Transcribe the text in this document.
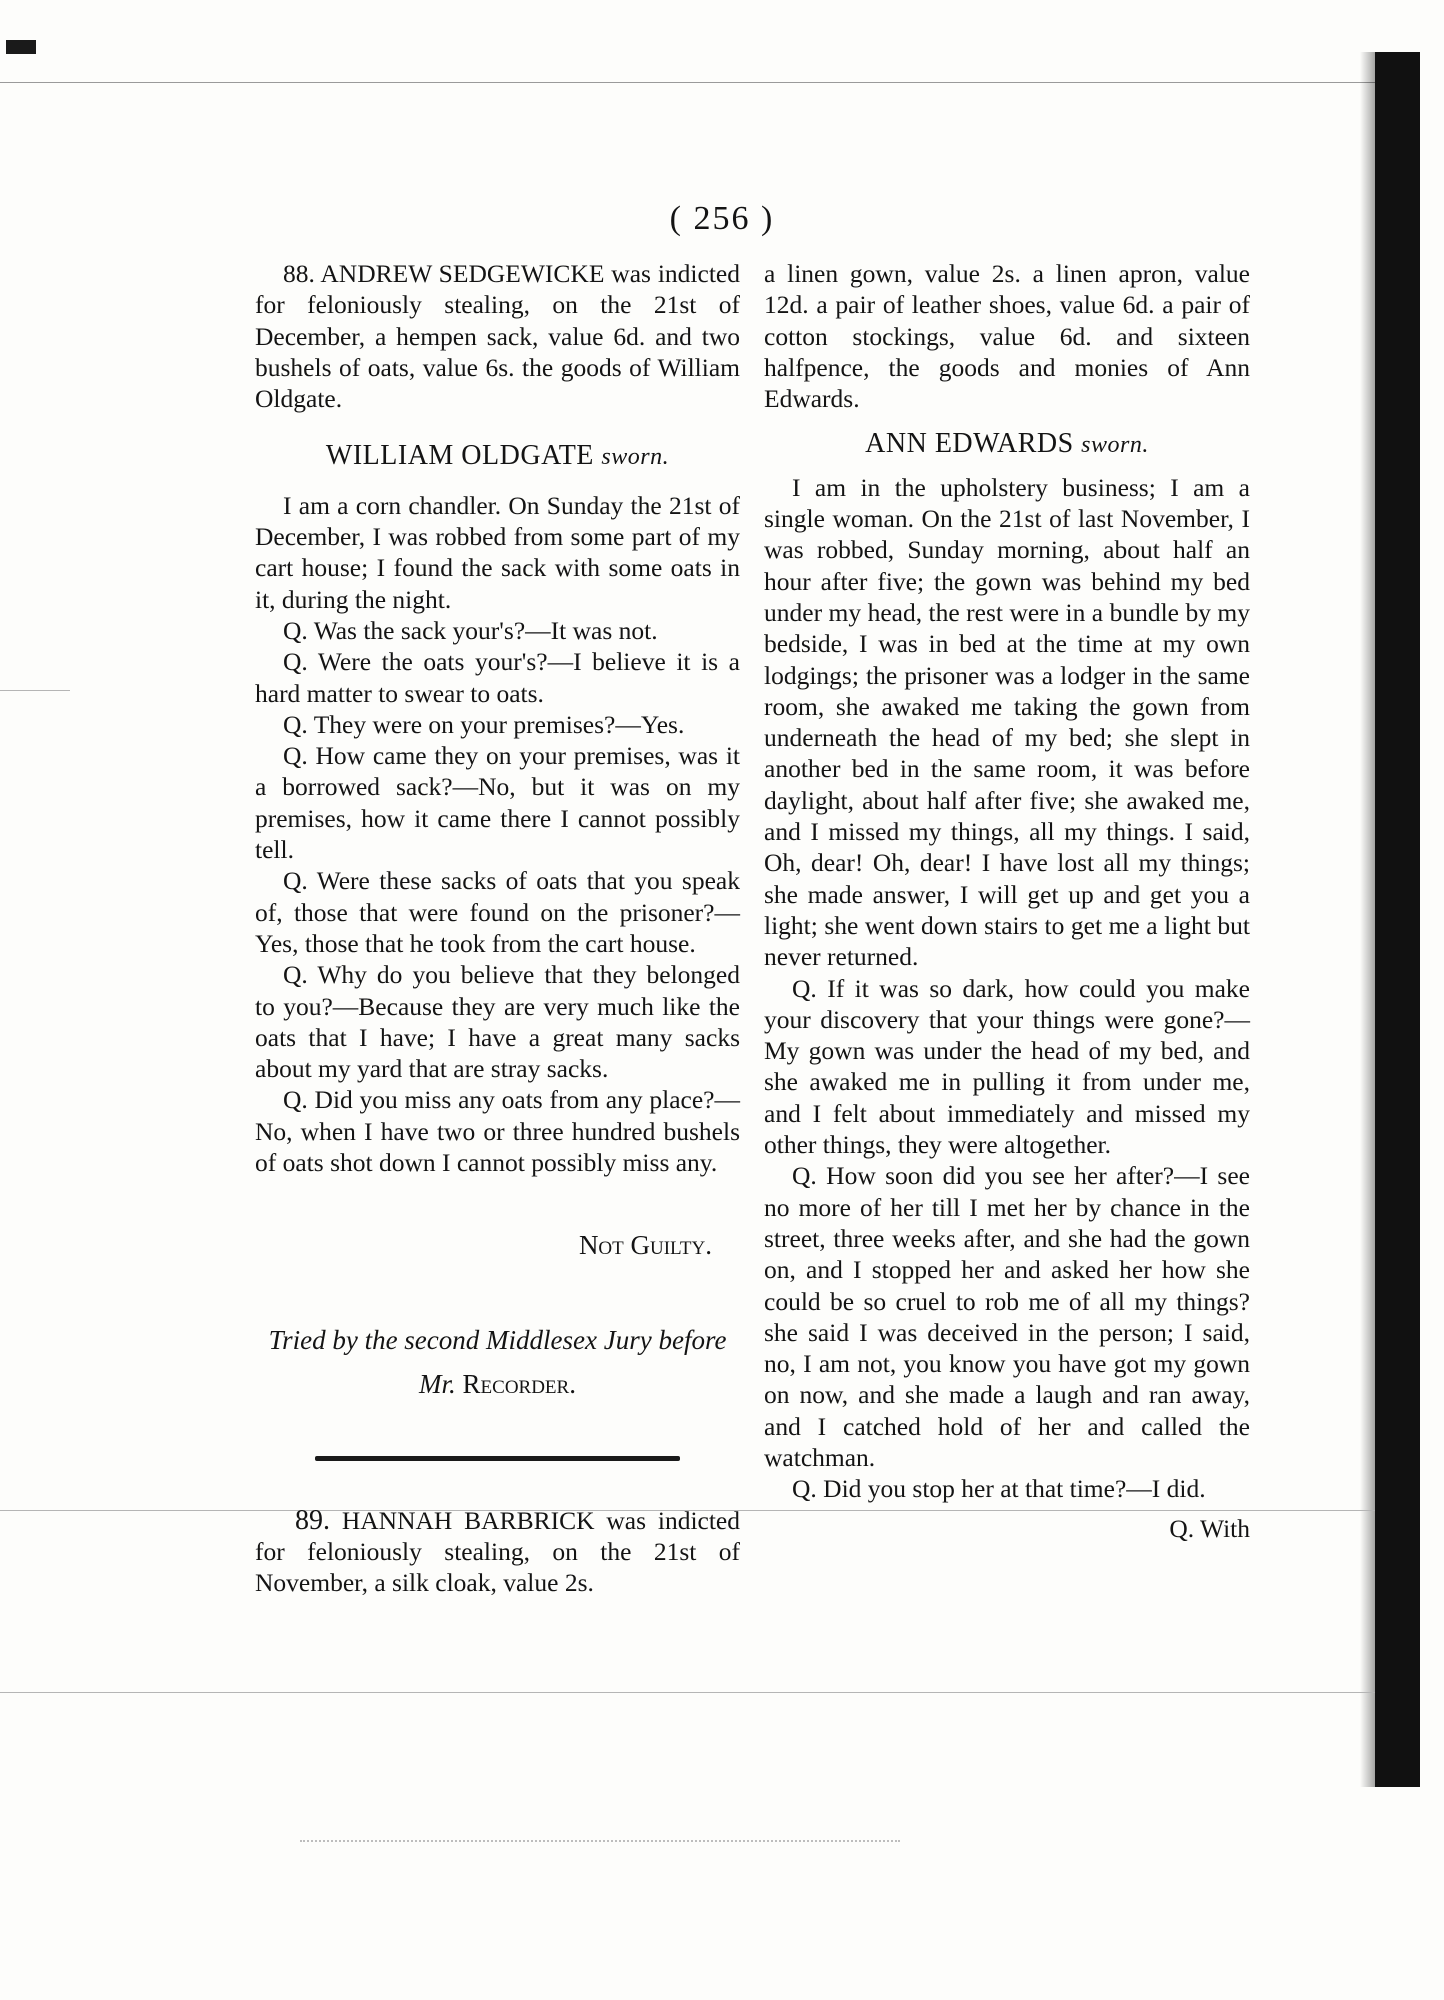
( 256 )

88. ANDREW SEDGEWICKE was indicted for feloniously stealing, on the 21st of December, a hempen sack, value 6d. and two bushels of oats, value 6s. the goods of William Oldgate.

WILLIAM OLDGATE sworn.

I am a corn chandler. On Sunday the 21st of December, I was robbed from some part of my cart house; I found the sack with some oats in it, during the night.

Q. Was the sack your's?—It was not.

Q. Were the oats your's?—I believe it is a hard matter to swear to oats.

Q. They were on your premises?—Yes.

Q. How came they on your premises, was it a borrowed sack?—No, but it was on my premises, how it came there I cannot possibly tell.

Q. Were these sacks of oats that you speak of, those that were found on the prisoner?—Yes, those that he took from the cart house.

Q. Why do you believe that they belonged to you?—Because they are very much like the oats that I have; I have a great many sacks about my yard that are stray sacks.

Q. Did you miss any oats from any place?—No, when I have two or three hundred bushels of oats shot down I cannot possibly miss any.

Not Guilty.
Tried by the second Middlesex Jury before
Mr. Recorder.

89. HANNAH BARBRICK was indicted for feloniously stealing, on the 21st of November, a silk cloak, value 2s.

a linen gown, value 2s. a linen apron, value 12d. a pair of leather shoes, value 6d. a pair of cotton stockings, value 6d. and sixteen halfpence, the goods and monies of Ann Edwards.

ANN EDWARDS sworn.

I am in the upholstery business; I am a single woman. On the 21st of last November, I was robbed, Sunday morning, about half an hour after five; the gown was behind my bed under my head, the rest were in a bundle by my bedside, I was in bed at the time at my own lodgings; the prisoner was a lodger in the same room, she awaked me taking the gown from underneath the head of my bed; she slept in another bed in the same room, it was before daylight, about half after five; she awaked me, and I missed my things, all my things. I said, Oh, dear! Oh, dear! I have lost all my things; she made answer, I will get up and get you a light; she went down stairs to get me a light but never returned.

Q. If it was so dark, how could you make your discovery that your things were gone?—My gown was under the head of my bed, and she awaked me in pulling it from under me, and I felt about immediately and missed my other things, they were altogether.

Q. How soon did you see her after?—I see no more of her till I met her by chance in the street, three weeks after, and she had the gown on, and I stopped her and asked her how she could be so cruel to rob me of all my things? she said I was deceived in the person; I said, no, I am not, you know you have got my gown on now, and she made a laugh and ran away, and I catched hold of her and called the watchman.

Q. Did you stop her at that time?—I did.

Q. With
